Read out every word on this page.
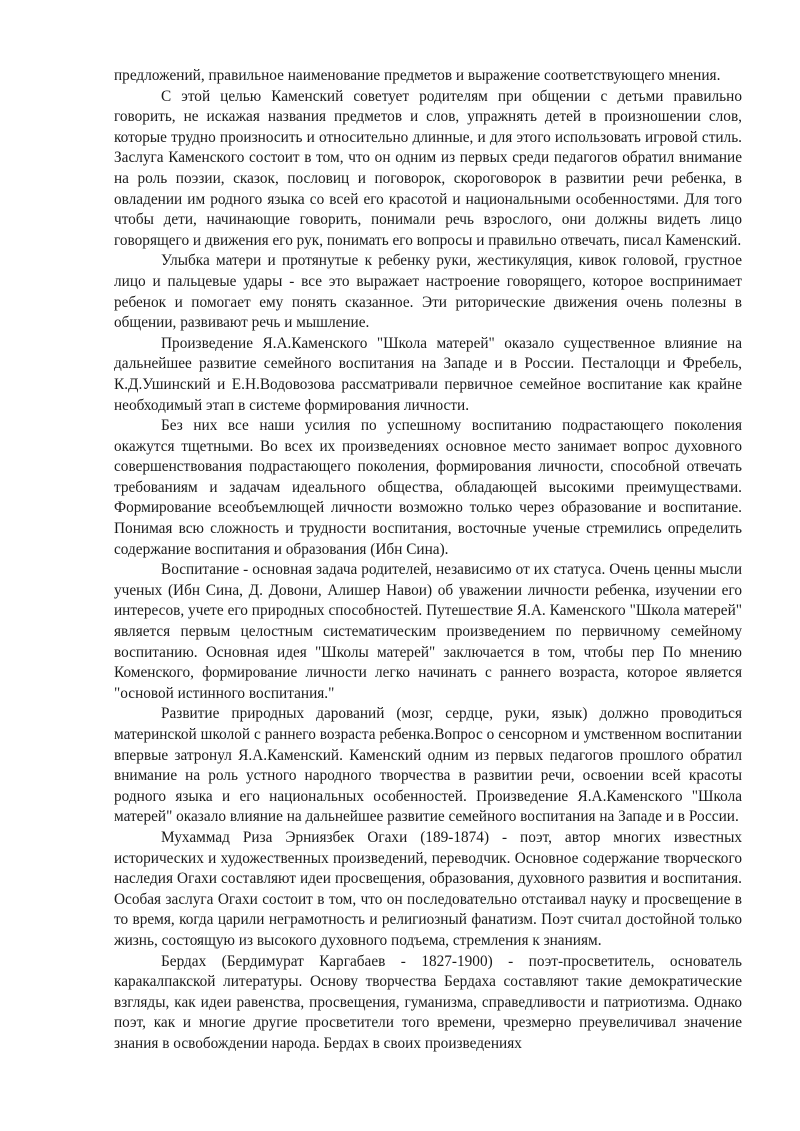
предложений, правильное наименование предметов и выражение соответствующего мнения.

С этой целью Каменский советует родителям при общении с детьми правильно говорить, не искажая названия предметов и слов, упражнять детей в произношении слов, которые трудно произносить и относительно длинные, и для этого использовать игровой стиль. Заслуга Каменского состоит в том, что он одним из первых среди педагогов обратил внимание на роль поэзии, сказок, пословиц и поговорок, скороговорок в развитии речи ребенка, в овладении им родного языка со всей его красотой и национальными особенностями. Для того чтобы дети, начинающие говорить, понимали речь взрослого, они должны видеть лицо говорящего и движения его рук, понимать его вопросы и правильно отвечать, писал Каменский.

Улыбка матери и протянутые к ребенку руки, жестикуляция, кивок головой, грустное лицо и пальцевые удары - все это выражает настроение говорящего, которое воспринимает ребенок и помогает ему понять сказанное. Эти риторические движения очень полезны в общении, развивают речь и мышление.

Произведение Я.А.Каменского "Школа матерей" оказало существенное влияние на дальнейшее развитие семейного воспитания на Западе и в России. Песталоцци и Фребель, К.Д.Ушинский и Е.Н.Водовозова рассматривали первичное семейное воспитание как крайне необходимый этап в системе формирования личности.

Без них все наши усилия по успешному воспитанию подрастающего поколения окажутся тщетными. Во всех их произведениях основное место занимает вопрос духовного совершенствования подрастающего поколения, формирования личности, способной отвечать требованиям и задачам идеального общества, обладающей высокими преимуществами. Формирование всеобъемлющей личности возможно только через образование и воспитание. Понимая всю сложность и трудности воспитания, восточные ученые стремились определить содержание воспитания и образования (Ибн Сина).

Воспитание - основная задача родителей, независимо от их статуса. Очень ценны мысли ученых (Ибн Сина, Д. Довони, Алишер Навои) об уважении личности ребенка, изучении его интересов, учете его природных способностей. Путешествие Я.А. Каменского "Школа матерей" является первым целостным систематическим произведением по первичному семейному воспитанию. Основная идея "Школы матерей" заключается в том, чтобы пер По мнению Коменского, формирование личности легко начинать с раннего возраста, которое является "основой истинного воспитания."

Развитие природных дарований (мозг, сердце, руки, язык) должно проводиться материнской школой с раннего возраста ребенка.Вопрос о сенсорном и умственном воспитании впервые затронул Я.А.Каменский. Каменский одним из первых педагогов прошлого обратил внимание на роль устного народного творчества в развитии речи, освоении всей красоты родного языка и его национальных особенностей. Произведение Я.А.Каменского "Школа матерей" оказало влияние на дальнейшее развитие семейного воспитания на Западе и в России.

Мухаммад Риза Эрниязбек Огахи (189-1874) - поэт, автор многих известных исторических и художественных произведений, переводчик. Основное содержание творческого наследия Огахи составляют идеи просвещения, образования, духовного развития и воспитания. Особая заслуга Огахи состоит в том, что он последовательно отстаивал науку и просвещение в то время, когда царили неграмотность и религиозный фанатизм. Поэт считал достойной только жизнь, состоящую из высокого духовного подъема, стремления к знаниям.

Бердах (Бердимурат Каргабаев - 1827-1900) - поэт-просветитель, основатель каракалпакской литературы. Основу творчества Бердаха составляют такие демократические взгляды, как идеи равенства, просвещения, гуманизма, справедливости и патриотизма. Однако поэт, как и многие другие просветители того времени, чрезмерно преувеличивал значение знания в освобождении народа. Бердах в своих произведениях
